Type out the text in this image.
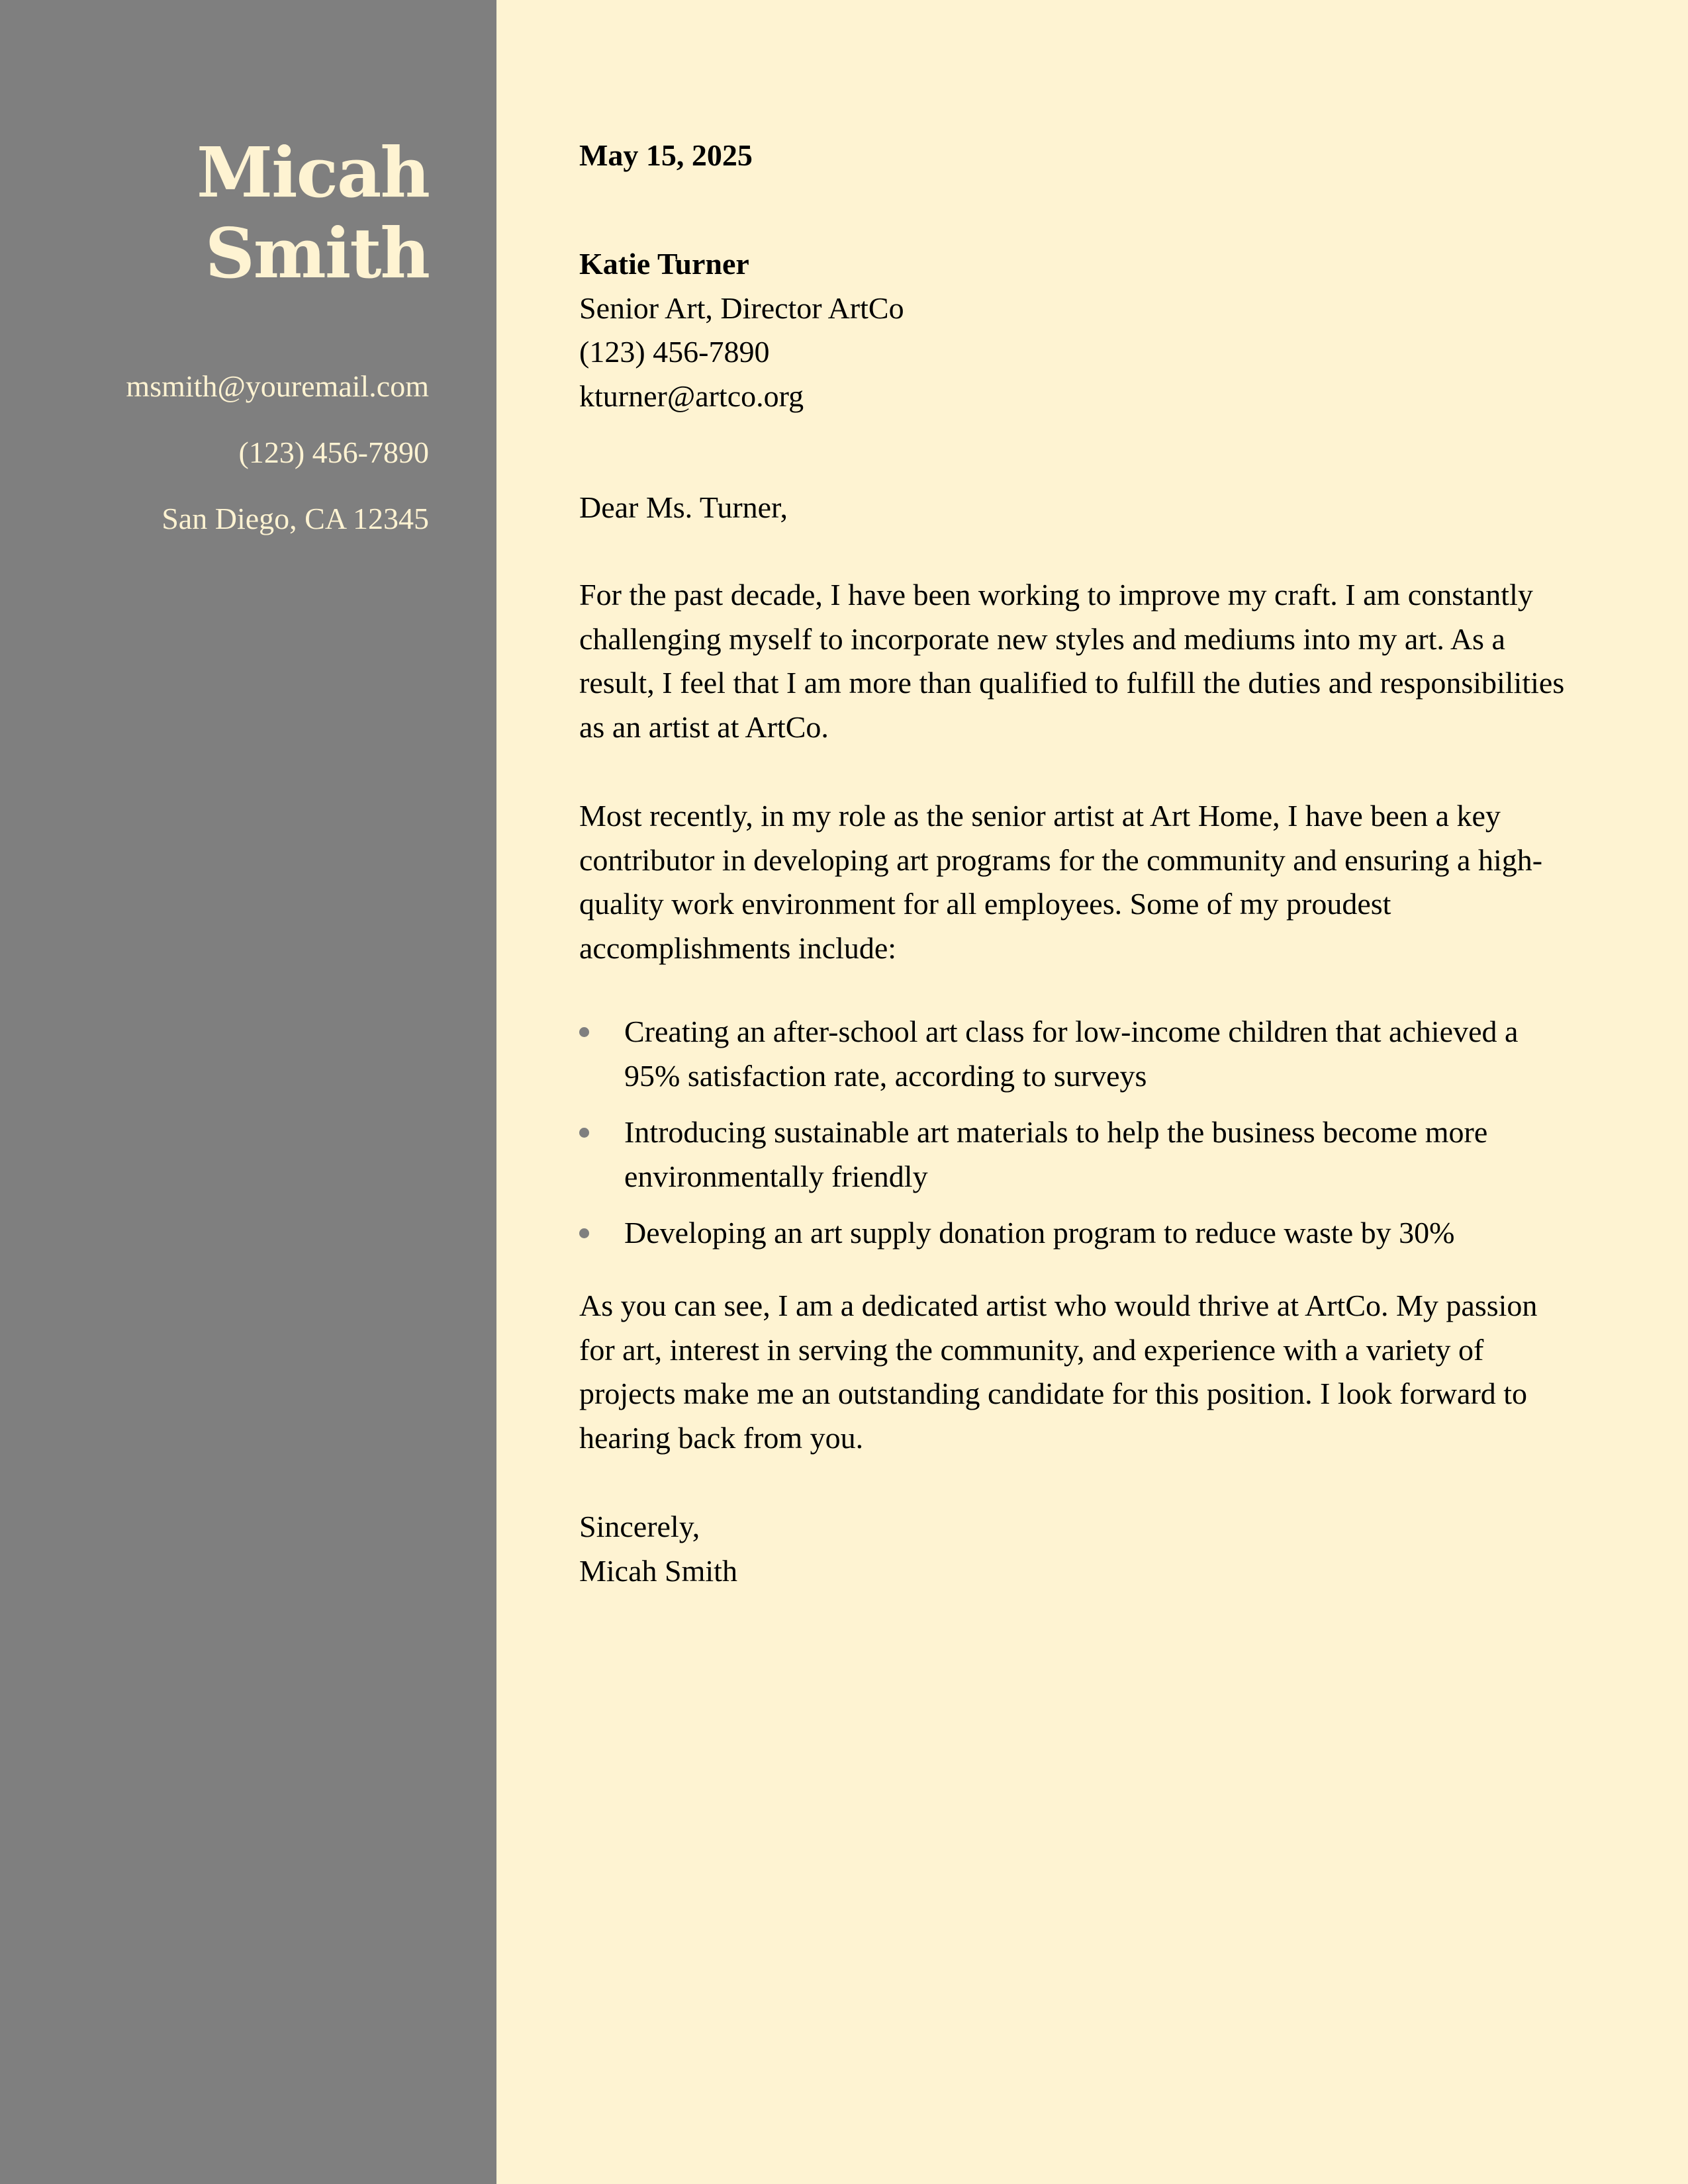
Micah
Smith
msmith@youremail.com
(123) 456-7890
San Diego, CA 12345
May 15, 2025
Katie Turner
Senior Art, Director ArtCo
(123) 456-7890
kturner@artco.org
Dear Ms. Turner,

For the past decade, I have been working to improve my craft. I am constantly challenging myself to incorporate new styles and mediums into my art. As a result, I feel that I am more than qualified to fulfill the duties and responsibilities as an artist at ArtCo.

Most recently, in my role as the senior artist at Art Home, I have been a key contributor in developing art programs for the community and ensuring a high-quality work environment for all employees. Some of my proudest accomplishments include:

Creating an after-school art class for low-income children that achieved a 95% satisfaction rate, according to surveys
Introducing sustainable art materials to help the business become more environmentally friendly
Developing an art supply donation program to reduce waste by 30%

As you can see, I am a dedicated artist who would thrive at ArtCo. My passion for art, interest in serving the community, and experience with a variety of projects make me an outstanding candidate for this position. I look forward to hearing back from you.

Sincerely,
Micah Smith
